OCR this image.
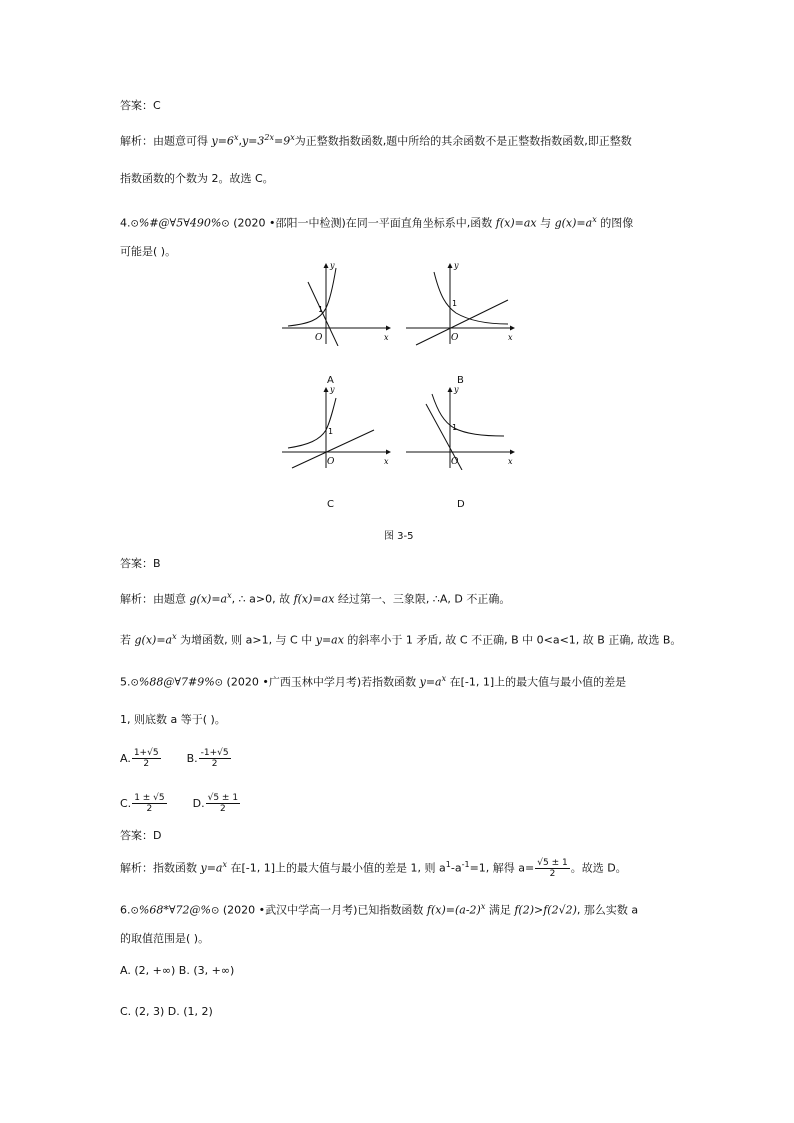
答案：C
解析：由题意可得 $y=6^x,y=3^{2x}=9^x$为正整数指数函数,题中所给的其余函数不是正整数指数函数,即正整数
指数函数的个数为 2。故选 C。
4.⊙%#@∀5∀490%⊙ (2020 •邵阳一中检测)在同一平面直角坐标系中,函数 f(x)=ax 与 $g(x)=a^x$ 的图像
可能是( )。
y
x
O
1
y
x
O
1
y
x
O
1
y
x
O
1
A	B
C	D
图 3-5
答案：B
解析：由题意 $g(x)=a^x$, ∴ a>0, 故 f(x)=ax 经过第一、三象限, ∴A, D 不正确。
若 $g(x)=a^x$ 为增函数, 则 a>1, 与 C 中 y=ax 的斜率小于 1 矛盾, 故 C 不正确, B 中 0<a<1, 故 B 正确, 故选 B。
5.⊙%88@∀7#9%⊙ (2020 •广西玉林中学月考)若指数函数 $y=a^x$ 在[-1, 1]上的最大值与最小值的差是
1, 则底数 a 等于( )。
A. $\frac{1+√5}{2} B$. $\frac{-1+√5}{2}$
C. $\frac{1 \pm √5}{2} D$. $\frac{√5 \pm 1}{2}$
答案：D
解析：指数函数 $y=a^x$ 在[-1, 1]上的最大值与最小值的差是 1, 则 $a^1-a^{-1}=1$, 解得 $a= \frac{√5 \pm 1}{2}$ 。故选 D。
6.⊙%68*∀72@%⊙ (2020 •武汉中学高一月考)已知指数函数 $f(x)=(a-2)^x$ 满足 f(2)>f(2√2), 那么实数 a
的取值范围是( )。
A. (2, +∞) B. (3, +∞)
C. (2, 3) D. (1, 2)
